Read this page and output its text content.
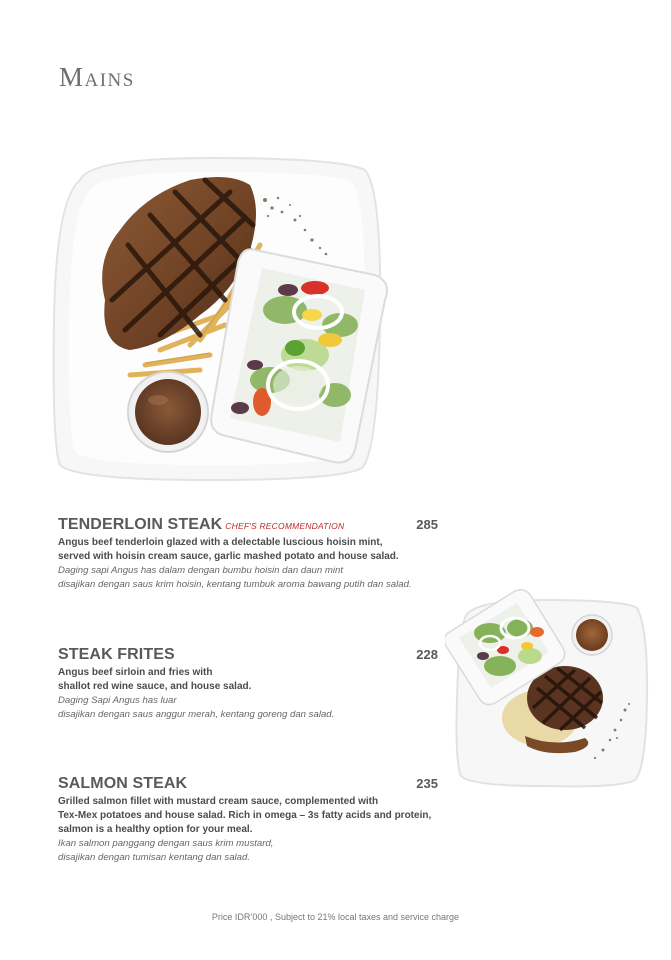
Mains
TENDERLOIN STEAK CHEF'S RECOMMENDATION	285
Angus beef tenderloin glazed with a delectable luscious hoisin mint,
served with hoisin cream sauce, garlic mashed potato and house salad.
Daging sapi Angus has dalam dengan bumbu hoisin dan daun mint
disajikan dengan saus krim hoisin, kentang tumbuk aroma bawang putih dan salad.
STEAK FRITES	228
Angus beef sirloin and fries with
shallot red wine sauce, and house salad.
Daging Sapi Angus has luar
disajikan dengan saus anggur merah, kentang goreng dan salad.
SALMON STEAK	235
Grilled salmon fillet with mustard cream sauce, complemented with
Tex-Mex potatoes and house salad. Rich in omega – 3s fatty acids and protein,
salmon is a healthy option for your meal.
Ikan salmon panggang dengan saus krim mustard,
disajikan dengan tumisan kentang dan salad.
Price IDR’000 , Subject to 21% local taxes and service charge
